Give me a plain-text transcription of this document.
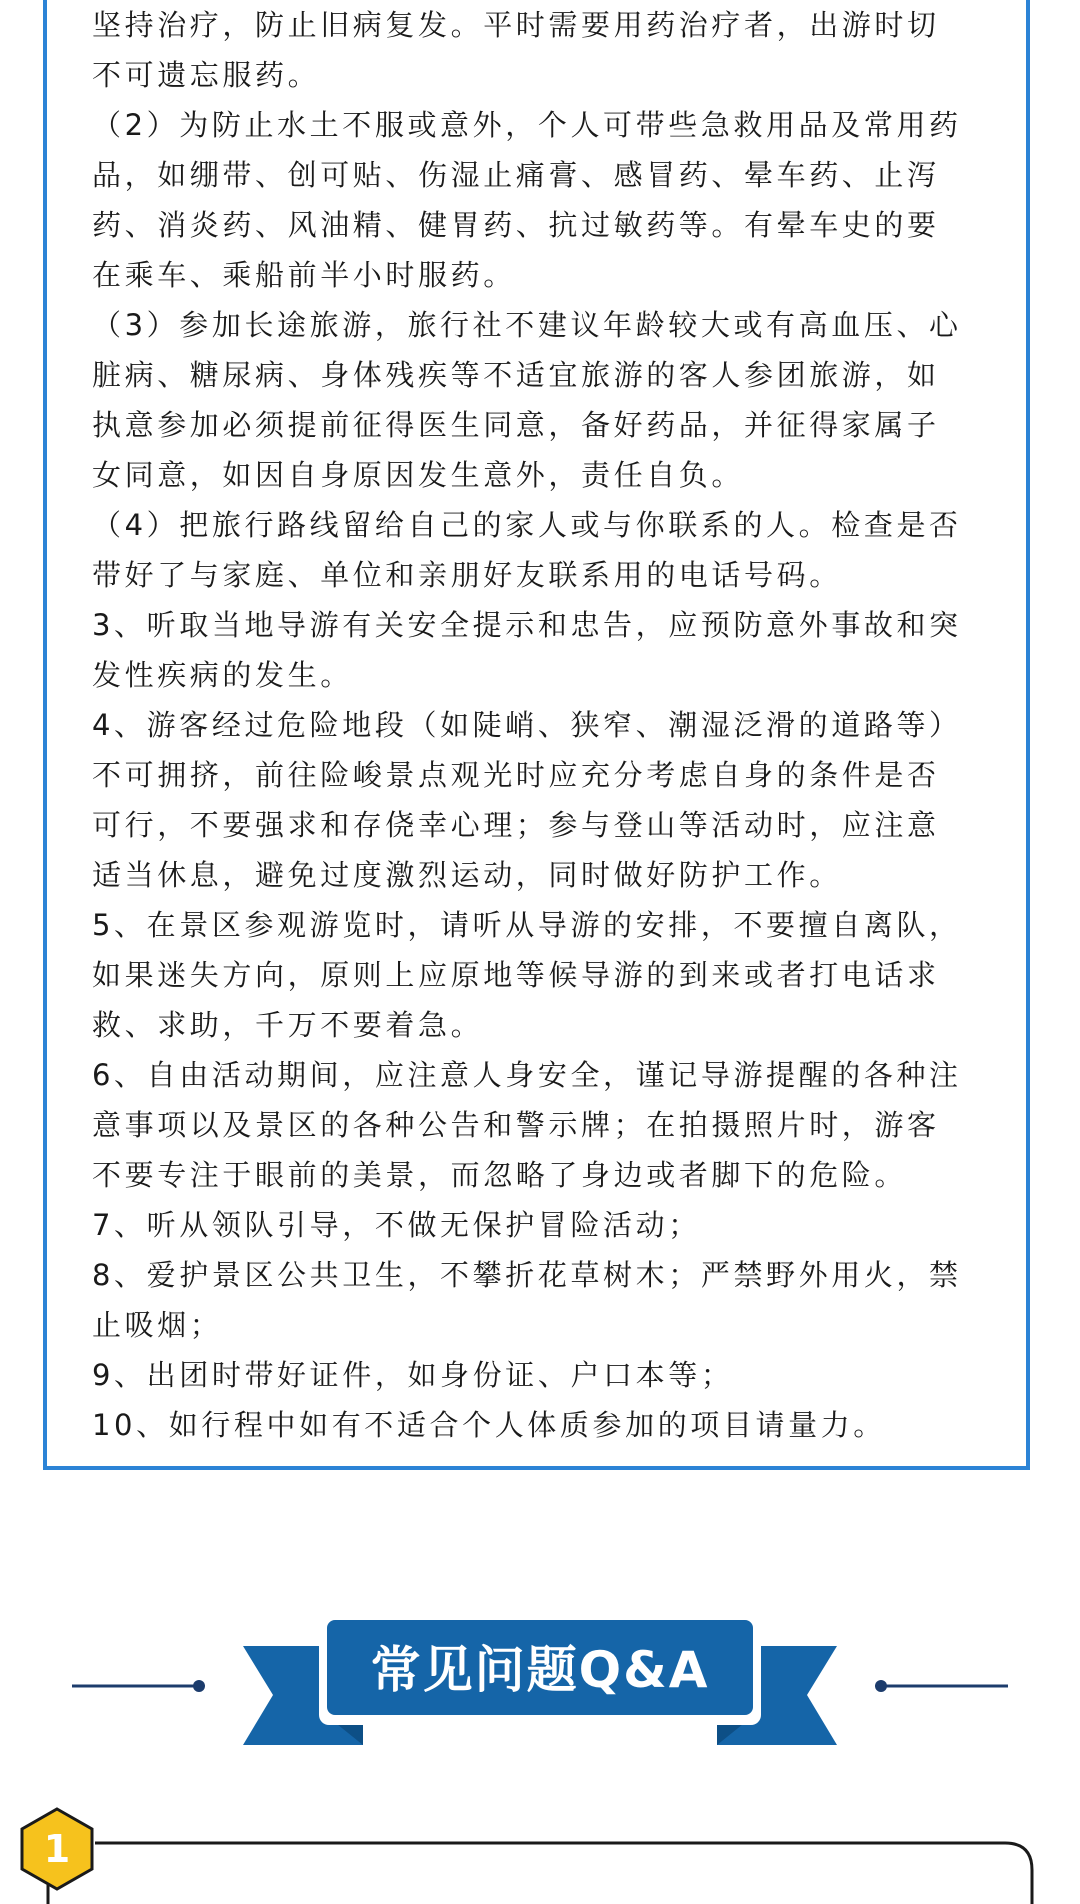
坚持治疗，防止旧病复发。平时需要用药治疗者，出游时切

不可遗忘服药。

（2）为防止水土不服或意外，个人可带些急救用品及常用药

品，如绷带、创可贴、伤湿止痛膏、感冒药、晕车药、止泻

药、消炎药、风油精、健胃药、抗过敏药等。有晕车史的要

在乘车、乘船前半小时服药。

（3）参加长途旅游，旅行社不建议年龄较大或有高血压、心

脏病、糖尿病、身体残疾等不适宜旅游的客人参团旅游，如

执意参加必须提前征得医生同意，备好药品，并征得家属子

女同意，如因自身原因发生意外，责任自负。

（4）把旅行路线留给自己的家人或与你联系的人。检查是否

带好了与家庭、单位和亲朋好友联系用的电话号码。

3、听取当地导游有关安全提示和忠告，应预防意外事故和突

发性疾病的发生。

4、游客经过危险地段（如陡峭、狭窄、潮湿泛滑的道路等）

不可拥挤，前往险峻景点观光时应充分考虑自身的条件是否

可行，不要强求和存侥幸心理；参与登山等活动时，应注意

适当休息，避免过度激烈运动，同时做好防护工作。

5、在景区参观游览时，请听从导游的安排，不要擅自离队，

如果迷失方向，原则上应原地等候导游的到来或者打电话求

救、求助，千万不要着急。

6、自由活动期间，应注意人身安全，谨记导游提醒的各种注

意事项以及景区的各种公告和警示牌；在拍摄照片时，游客

不要专注于眼前的美景，而忽略了身边或者脚下的危险。

7、听从领队引导，不做无保护冒险活动；

8、爱护景区公共卫生，不攀折花草树木；严禁野外用火，禁

止吸烟；

9、出团时带好证件，如身份证、户口本等；

10、如行程中如有不适合个人体质参加的项目请量力。

常见问题Q&A
1
